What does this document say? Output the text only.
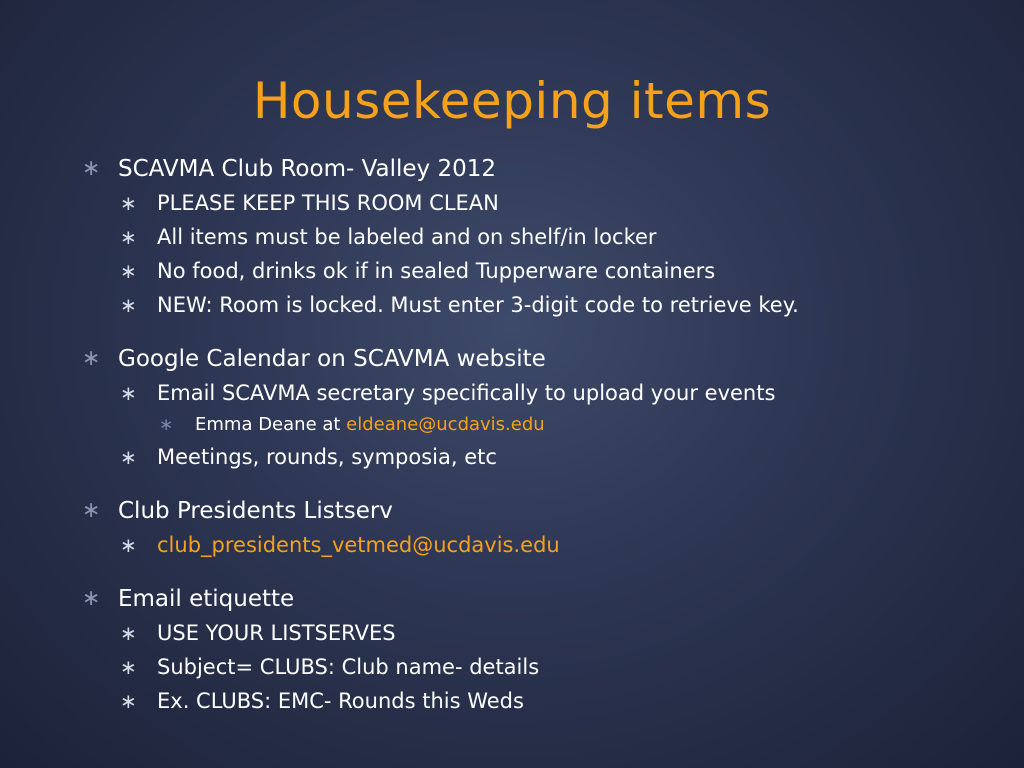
Housekeeping items
∗ SCAVMA Club Room- Valley 2012
∗ PLEASE KEEP THIS ROOM CLEAN
∗ All items must be labeled and on shelf/in locker
∗ No food, drinks ok if in sealed Tupperware containers
∗ NEW: Room is locked. Must enter 3-digit code to retrieve key.
∗ Google Calendar on SCAVMA website
∗ Email SCAVMA secretary specifically to upload your events
∗ Emma Deane at eldeane@ucdavis.edu
∗ Meetings, rounds, symposia, etc
∗ Club Presidents Listserv
∗ club_presidents_vetmed@ucdavis.edu
∗ Email etiquette
∗ USE YOUR LISTSERVES
∗ Subject= CLUBS: Club name- details
∗ Ex. CLUBS: EMC- Rounds this Weds
